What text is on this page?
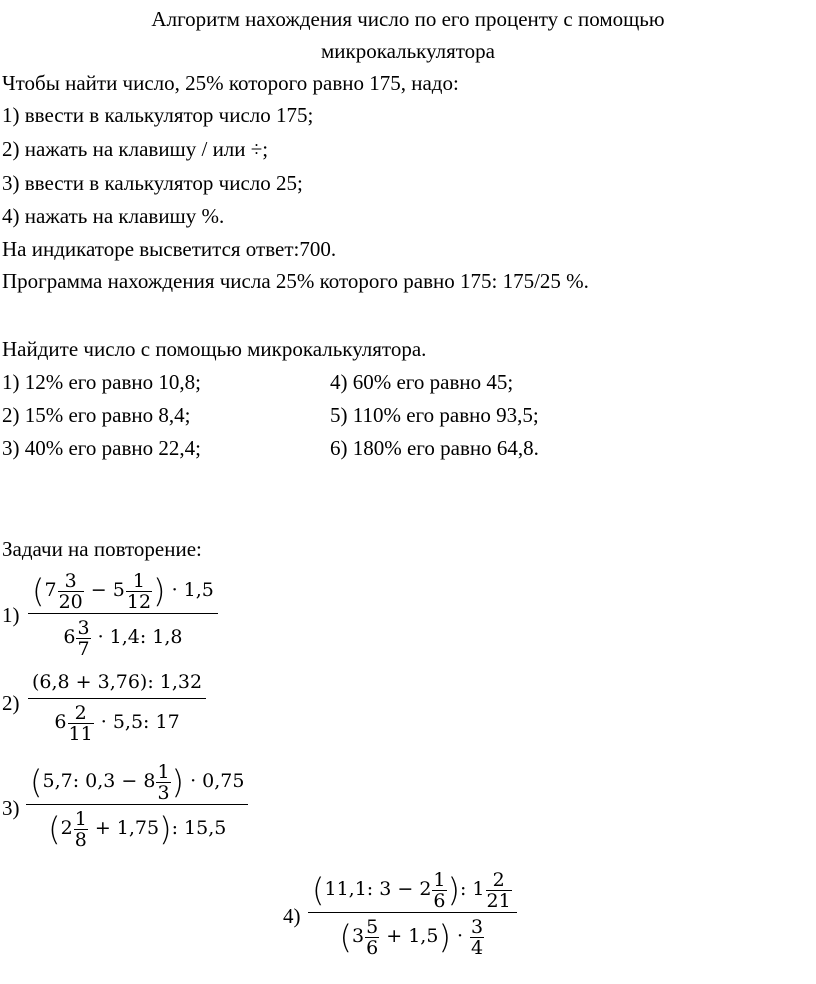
Алгоритм нахождения число по его проценту с помощью
микрокалькулятора
Чтобы найти число, 25% которого равно 175, надо:
1) ввести в калькулятор число 175;
2) нажать на клавишу / или ÷;
3) ввести в калькулятор число 25;
4) нажать на клавишу %.
На индикаторе высветится ответ:700.
Программа нахождения числа 25% которого равно 175: 175/25 %.
Найдите число с помощью микрокалькулятора.
1) 12% его равно 10,8;	4) 60% его равно 45;
2) 15% его равно 8,4;	5) 110% его равно 93,5;
3) 40% его равно 22,4;	6) 180% его равно 64,8.
Задачи на повторение:
1)
($7 \frac{3}{20} - 5 \frac{1}{12}$ ) · 1,5
$6 \frac{3}{7} \cdot 1,4$: 1,8
2)
(6,8 + 3,76): 1,32
$6 \frac{2}{11} \cdot 5,5$: 17
3)
(5,7: $0,3 - 8 \frac{1}{3}$ ) · 0,75
$(2 \frac{1}{8} + 1,75)$: 15,5
4)
(11,1: $3 - 2 \frac{1}{6}$ ): $1 \frac{2}{21}$
$(3 \frac{5}{6} + 1,5) \cdot \frac{3}{4}$
